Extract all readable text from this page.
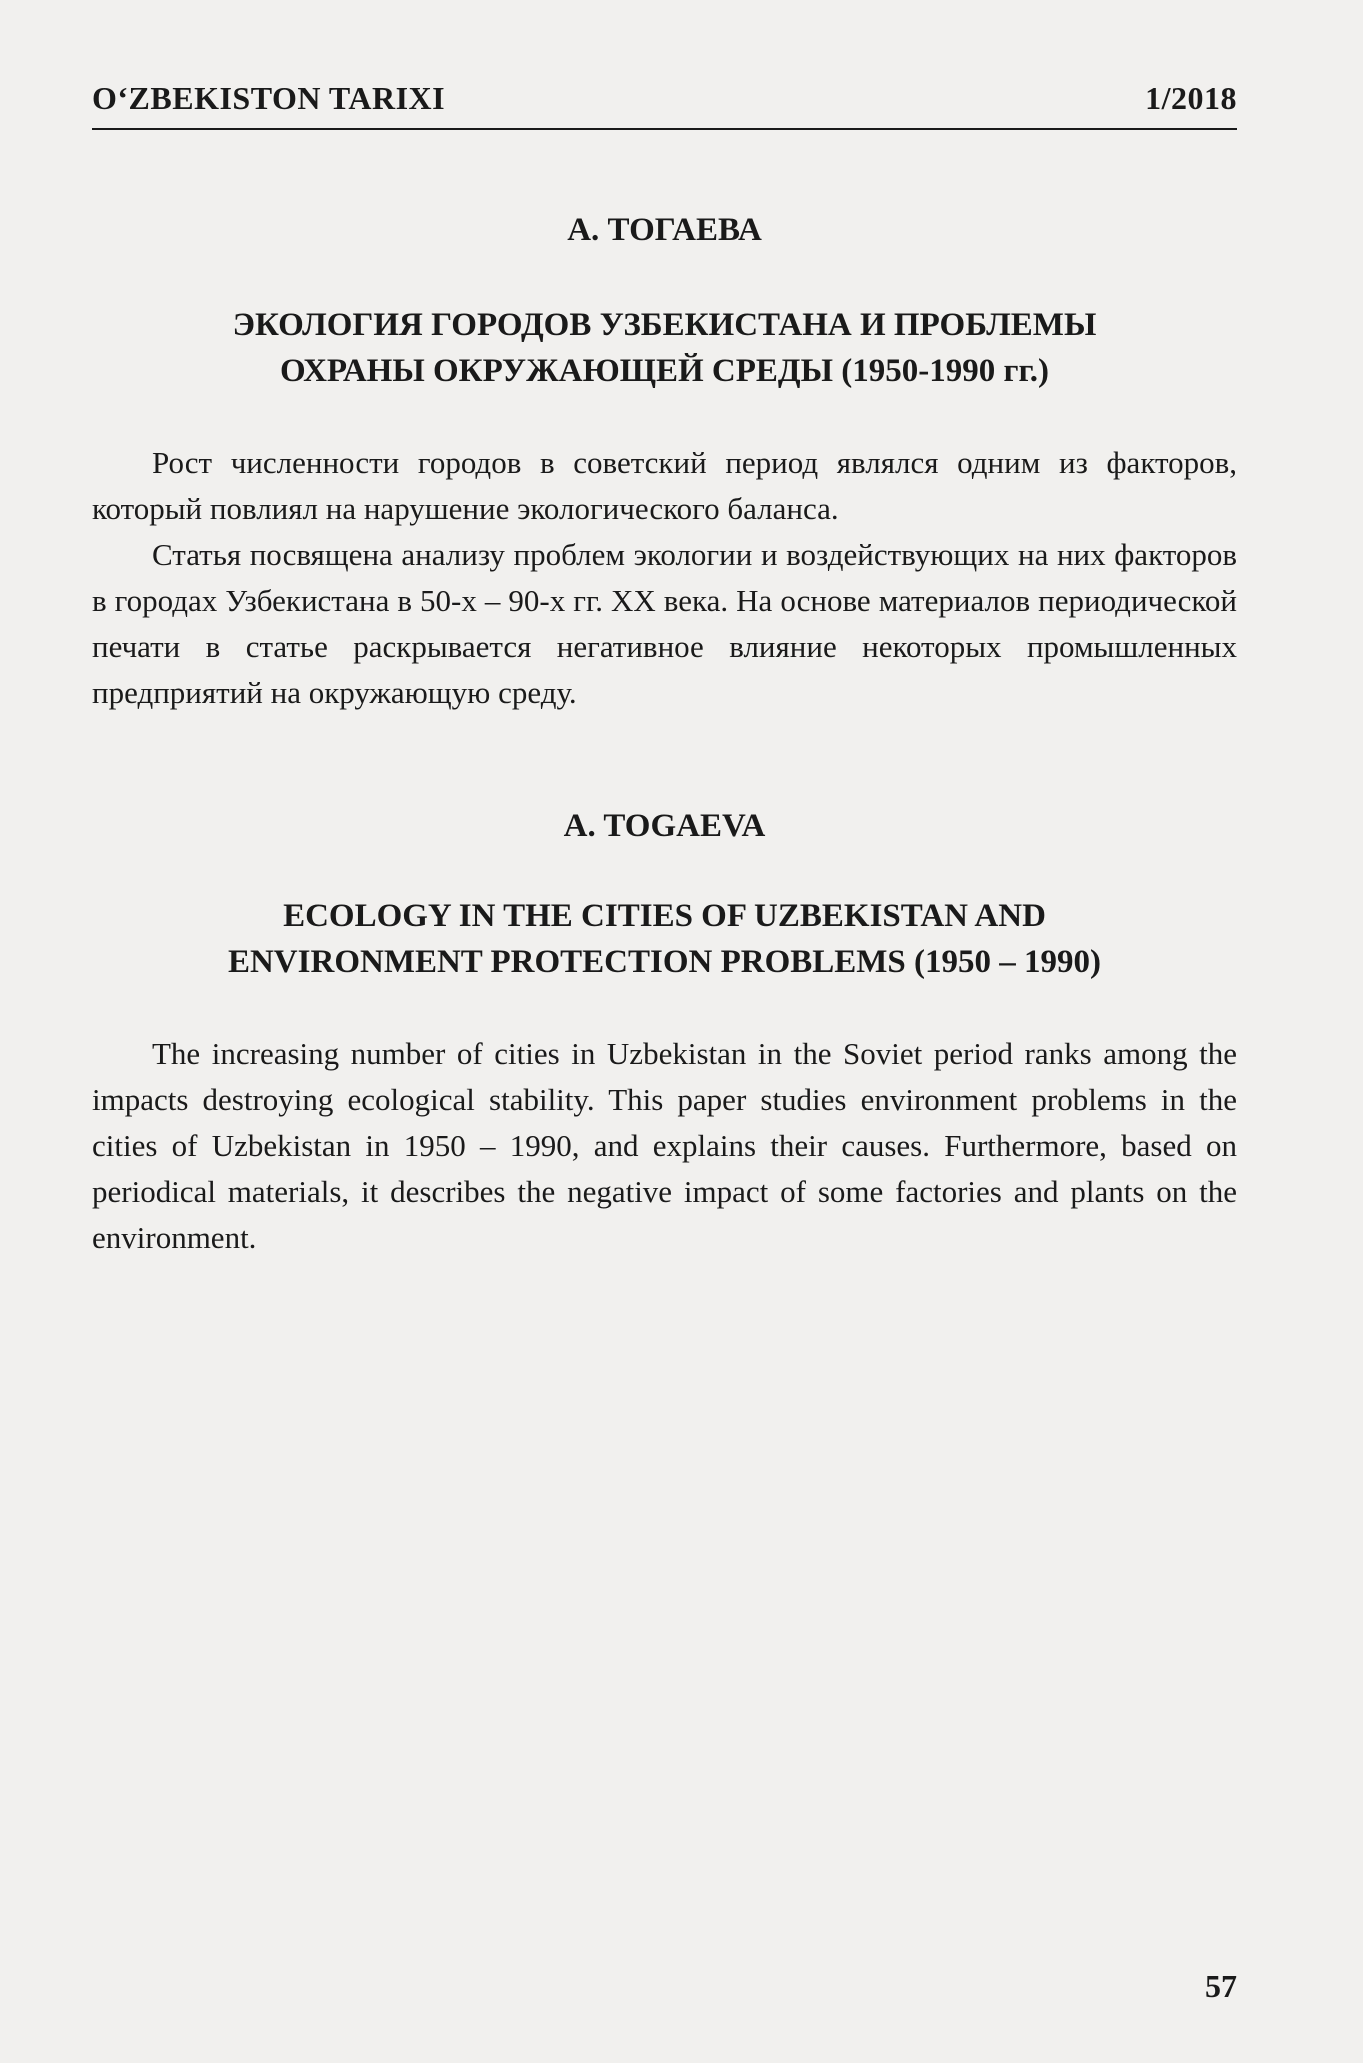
O‘ZBEKISTON TARIXI	1/2018
А. ТОГАЕВА
ЭКОЛОГИЯ ГОРОДОВ УЗБЕКИСТАНА И ПРОБЛЕМЫ
ОХРАНЫ ОКРУЖАЮЩЕЙ СРЕДЫ (1950-1990 гг.)

Рост численности городов в советский период являлся одним из факторов, который повлиял на нарушение экологического баланса.

Статья посвящена анализу проблем экологии и воздействующих на них факторов в городах Узбекистана в 50-х – 90-х гг. XX века. На основе материалов периодической печати в статье раскрывается негативное влияние некоторых промышленных предприятий на окружающую среду.

A. TOGAEVA
ECOLOGY IN THE CITIES OF UZBEKISTAN AND
ENVIRONMENT PROTECTION PROBLEMS (1950 – 1990)

The increasing number of cities in Uzbekistan in the Soviet period ranks among the impacts destroying ecological stability. This paper studies environment problems in the cities of Uzbekistan in 1950 – 1990, and explains their causes. Furthermore, based on periodical materials, it describes the negative impact of some factories and plants on the environment.

57
